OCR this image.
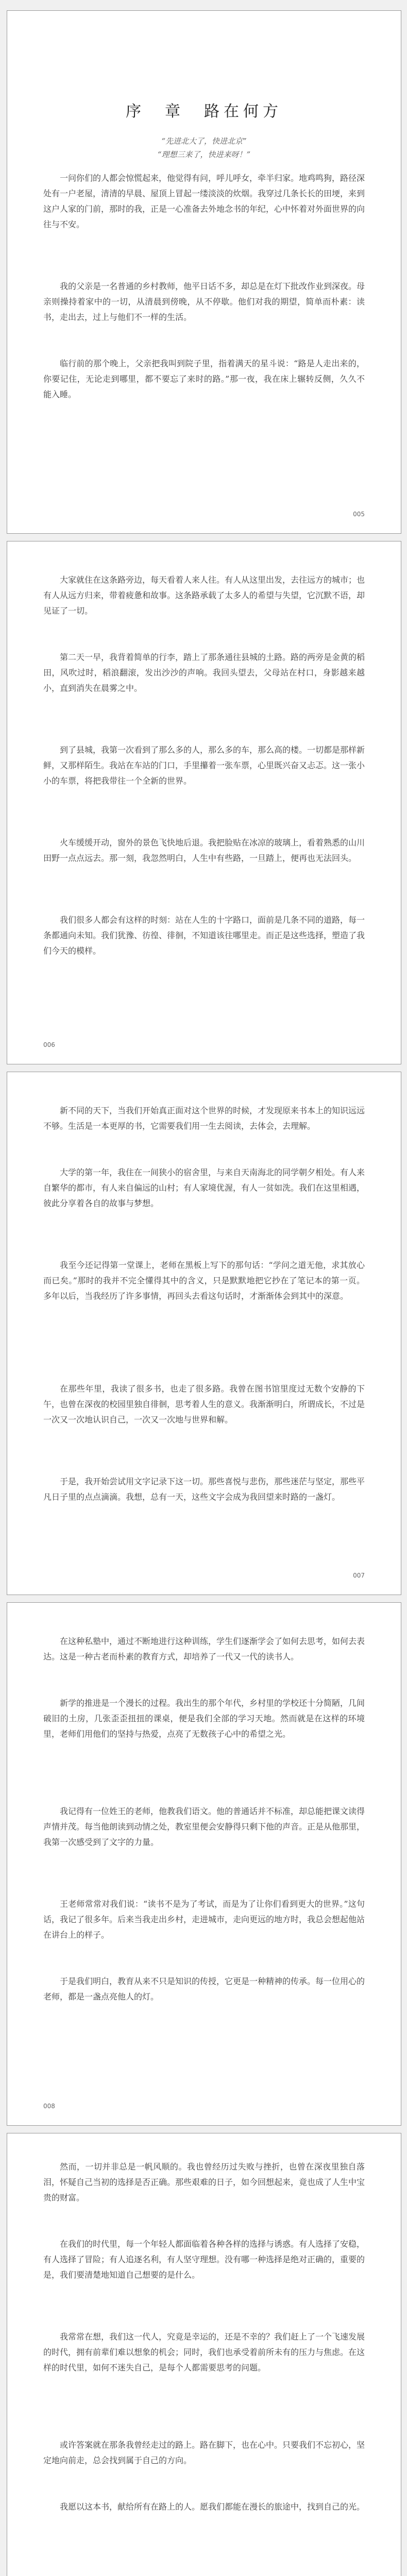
序　章　路在何方
“先进北大了，快进北京”
“理想三来了，快进来呀！”

一问你们的人都会惊慌起来，他觉得有问，呼儿呼女，牵半归家。地鸡鸣狗，路径深处有一户老屋，清清的早晨、屋顶上冒起一缕淡淡的炊烟。我穿过几条长长的田埂，来到这户人家的门前，那时的我，正是一心准备去外地念书的年纪，心中怀着对外面世界的向往与不安。

我的父亲是一名普通的乡村教师，他平日话不多，却总是在灯下批改作业到深夜。母亲则操持着家中的一切，从清晨到傍晚，从不停歇。他们对我的期望，简单而朴素：读书，走出去，过上与他们不一样的生活。

临行前的那个晚上，父亲把我叫到院子里，指着满天的星斗说：“路是人走出来的，你要记住，无论走到哪里，都不要忘了来时的路。”那一夜，我在床上辗转反侧，久久不能入睡。

005

大家就住在这条路旁边，每天看着人来人往。有人从这里出发，去往远方的城市；也有人从远方归来，带着疲惫和故事。这条路承载了太多人的希望与失望，它沉默不语，却见证了一切。

第二天一早，我背着简单的行李，踏上了那条通往县城的土路。路的两旁是金黄的稻田，风吹过时，稻浪翻滚，发出沙沙的声响。我回头望去，父母站在村口，身影越来越小，直到消失在晨雾之中。

到了县城，我第一次看到了那么多的人，那么多的车，那么高的楼。一切都是那样新鲜，又那样陌生。我站在车站的门口，手里攥着一张车票，心里既兴奋又忐忑。这一张小小的车票，将把我带往一个全新的世界。

火车缓缓开动，窗外的景色飞快地后退。我把脸贴在冰凉的玻璃上，看着熟悉的山川田野一点点远去。那一刻，我忽然明白，人生中有些路，一旦踏上，便再也无法回头。

我们很多人都会有这样的时刻：站在人生的十字路口，面前是几条不同的道路，每一条都通向未知。我们犹豫、彷徨、徘徊，不知道该往哪里走。而正是这些选择，塑造了我们今天的模样。

006

新不同的天下，当我们开始真正面对这个世界的时候，才发现原来书本上的知识远远不够。生活是一本更厚的书，它需要我们用一生去阅读，去体会，去理解。

大学的第一年，我住在一间狭小的宿舍里，与来自天南海北的同学朝夕相处。有人来自繁华的都市，有人来自偏远的山村；有人家境优渥，有人一贫如洗。我们在这里相遇，彼此分享着各自的故事与梦想。

我至今还记得第一堂课上，老师在黑板上写下的那句话：“学问之道无他，求其放心而已矣。”那时的我并不完全懂得其中的含义，只是默默地把它抄在了笔记本的第一页。多年以后，当我经历了许多事情，再回头去看这句话时，才渐渐体会到其中的深意。

在那些年里，我读了很多书，也走了很多路。我曾在图书馆里度过无数个安静的下午，也曾在深夜的校园里独自徘徊，思考着人生的意义。我渐渐明白，所谓成长，不过是一次又一次地认识自己，一次又一次地与世界和解。

于是，我开始尝试用文字记录下这一切。那些喜悦与悲伤，那些迷茫与坚定，那些平凡日子里的点点滴滴。我想，总有一天，这些文字会成为我回望来时路的一盏灯。

007

在这种私塾中，通过不断地进行这种训练，学生们逐渐学会了如何去思考，如何去表达。这是一种古老而朴素的教育方式，却培养了一代又一代的读书人。

新学的推进是一个漫长的过程。我出生的那个年代，乡村里的学校还十分简陋，几间破旧的土房，几张歪歪扭扭的课桌，便是我们全部的学习天地。然而就是在这样的环境里，老师们用他们的坚持与热爱，点亮了无数孩子心中的希望之光。

我记得有一位姓王的老师，他教我们语文。他的普通话并不标准，却总能把课文读得声情并茂。每当他朗读到动情之处，教室里便会安静得只剩下他的声音。正是从他那里，我第一次感受到了文字的力量。

王老师常常对我们说：“读书不是为了考试，而是为了让你们看到更大的世界。”这句话，我记了很多年。后来当我走出乡村，走进城市，走向更远的地方时，我总会想起他站在讲台上的样子。

于是我们明白，教育从来不只是知识的传授，它更是一种精神的传承。每一位用心的老师，都是一盏点亮他人的灯。

008

然而，一切并非总是一帆风顺的。我也曾经历过失败与挫折，也曾在深夜里独自落泪，怀疑自己当初的选择是否正确。那些艰难的日子，如今回想起来，竟也成了人生中宝贵的财富。

在我们的时代里，每一个年轻人都面临着各种各样的选择与诱惑。有人选择了安稳，有人选择了冒险；有人追逐名利，有人坚守理想。没有哪一种选择是绝对正确的，重要的是，我们要清楚地知道自己想要的是什么。

我常常在想，我们这一代人，究竟是幸运的，还是不幸的？我们赶上了一个飞速发展的时代，拥有前辈们难以想象的机会；同时，我们也承受着前所未有的压力与焦虑。在这样的时代里，如何不迷失自己，是每个人都需要思考的问题。

或许答案就在那条我曾经走过的路上。路在脚下，也在心中。只要我们不忘初心，坚定地向前走，总会找到属于自己的方向。

我愿以这本书，献给所有在路上的人。愿我们都能在漫长的旅途中，找到自己的光。
